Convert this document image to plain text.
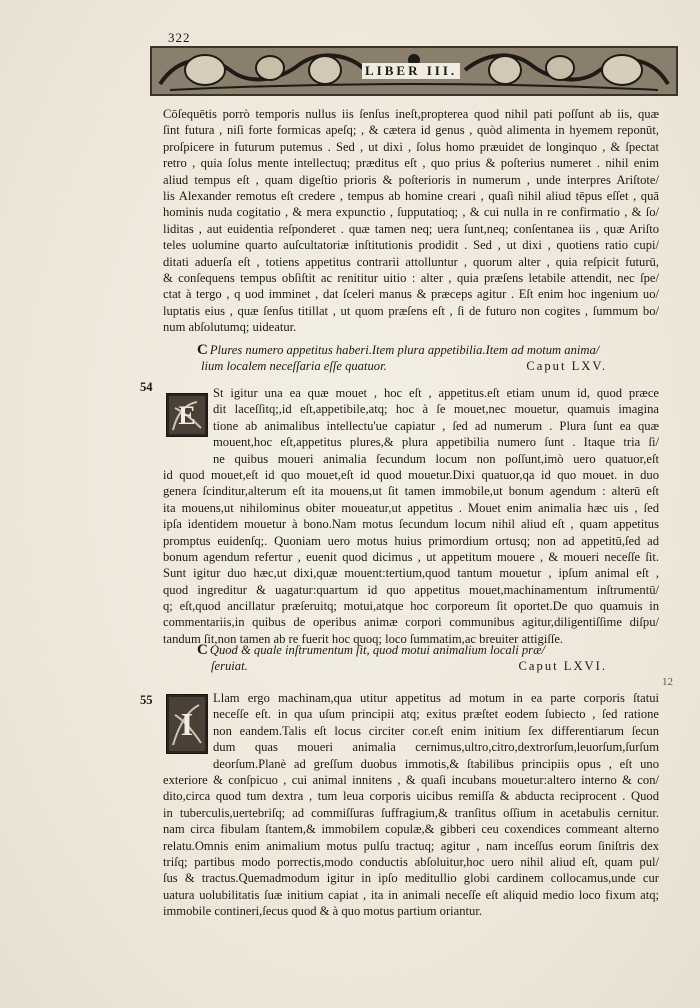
322
LIBER III.
Cōſequētis porrò temporis nullus iis ſenſus ineſt,propterea quod nihil pati poſſunt ab iis, quæ
ſint futura , niſi forte formicas apeſq; , & cætera id genus , quòd alimenta in hyemem reponūt,
proſpicere in futurum putemus . Sed , ut dixi , ſolus homo præuidet de longinquo , & ſpectat
retro , quia ſolus mente intellectuq; præditus eſt , quo prius & poſterius numeret . nihil enim
aliud tempus eſt , quam digeſtio prioris & poſterioris in numerum , unde interpres Ariſtote/
lis Alexander remotus eſt credere , tempus ab homine creari , quaſi nihil aliud tēpus eſſet , quā
hominis nuda cogitatio , & mera expunctio , ſupputatioq; , & cui nulla in re confirmatio , & ſo/
liditas , aut euidentia reſponderet . quæ tamen neq; uera ſunt,neq; conſentanea iis , quæ Ariſto
teles uolumine quarto auſcultatoriæ inſtitutionis prodidit . Sed , ut dixi , quotiens ratio cupi/
ditati aduerſa eſt , totiens appetitus contrarii attolluntur , quorum alter , quia reſpicit futurū,
& conſequens tempus obſiſtit ac renititur uitio : alter , quia præſens letabile attendit, nec ſpe/
ctat à tergo , q uod imminet , dat ſceleri manus & præceps agitur . Eſt enim hoc ingenium uo/
luptatis eius , quæ ſenſus titillat , ut quom præſens eſt , ſi de futuro non cogites , ſummum bo/
num abſolutumq; uideatur.
C Plures numero appetitus haberi.Item plura appetibilia.Item ad motum anima/
lium localem neceſſaria eſſe quatuor.	Caput LXV.
54
E
St igitur una ea quæ mouet , hoc eſt , appetitus.eſt etiam unum id, quod præce
dit laceſſitq;,id eſt,appetibile,atq; hoc à ſe mouet,nec mouetur, quamuis imagina
tione ab animalibus intellectu'ue capiatur , ſed ad numerum . Plura ſunt ea quæ
mouent,hoc eſt,appetitus plures,& plura appetibilia numero ſunt . Itaque tria ſi/
ne quibus moueri animalia ſecundum locum non poſſunt,imò uero quatuor,eſt
id quod mouet,eſt id quo mouet,eſt id quod mouetur.Dixi quatuor,qa id quo mouet. in duo
genera ſcinditur,alterum eſt ita mouens,ut ſit tamen immobile,ut bonum agendum : alterū eſt
ita mouens,ut nihilominus obiter moueatur,ut appetitus . Mouet enim animalia hæc uis , ſed
ipſa identidem mouetur à bono.Nam motus ſecundum locum nihil aliud eſt , quam appetitus
promptus euidenſq;. Quoniam uero motus huius primordium ortusq; non ad appetitū,ſed ad
bonum agendum refertur , euenit quod dicimus , ut appetitum mouere , & moueri neceſſe ſit.
Sunt igitur duo hæc,ut dixi,quæ mouent:tertium,quod tantum mouetur , ipſum animal eſt ,
quod ingreditur & uagatur:quartum id quo appetitus mouet,machinamentum inſtrumentū/
q; eſt,quod ancillatur præſeruitq; motui,atque hoc corporeum ſit oportet.De quo quamuis in
commentariis,in quibus de operibus animæ corpori communibus agitur,diligentiſſime diſpu/
tandum ſit,non tamen ab re fuerit hoc quoq; loco ſummatim,ac breuiter attigiſſe.
C Quod & quale inſtrumentum ſit, quod motui animalium locali præ/
ſeruiat.	Caput LXVI.
12
55
I
Llam ergo machinam,qua utitur appetitus ad motum in ea parte corporis ſtatui
neceſſe eſt. in qua uſum principii atq; exitus præſtet eodem ſubiecto , ſed ratione
non eandem.Talis eſt locus circiter cor.eſt enim initium ſex differentiarum ſecun
dum quas moueri animalia cernimus,ultro,citro,dextrorſum,leuorſum,ſurſum
deorſum.Planè ad greſſum duobus immotis,& ſtabilibus principiis opus , eſt uno
exteriore & conſpicuo , cui animal innitens , & quaſi incubans mouetur:altero interno & con/
dito,circa quod tum dextra , tum leua corporis uicibus remiſſa & abducta reciprocent . Quod
in tuberculis,uertebriſq; ad commiſſuras ſuffragium,& tranſitus oſſium in acetabulis cernitur.
nam circa fibulam ſtantem,& immobilem copulæ,& gibberi ceu coxendices commeant alterno
relatu.Omnis enim animalium motus pulſu tractuq; agitur , nam inceſſus eorum ſiniſtris dex
triſq; partibus modo porrectis,modo conductis abſoluitur,hoc uero nihil aliud eſt, quam pul/
ſus & tractus.Quemadmodum igitur in ipſo meditullio globi cardinem collocamus,unde cur
uatura uolubilitatis ſuæ initium capiat , ita in animali neceſſe eſt aliquid medio loco fixum atq;
immobile contineri,ſecus quod & à quo motus partium oriantur.
